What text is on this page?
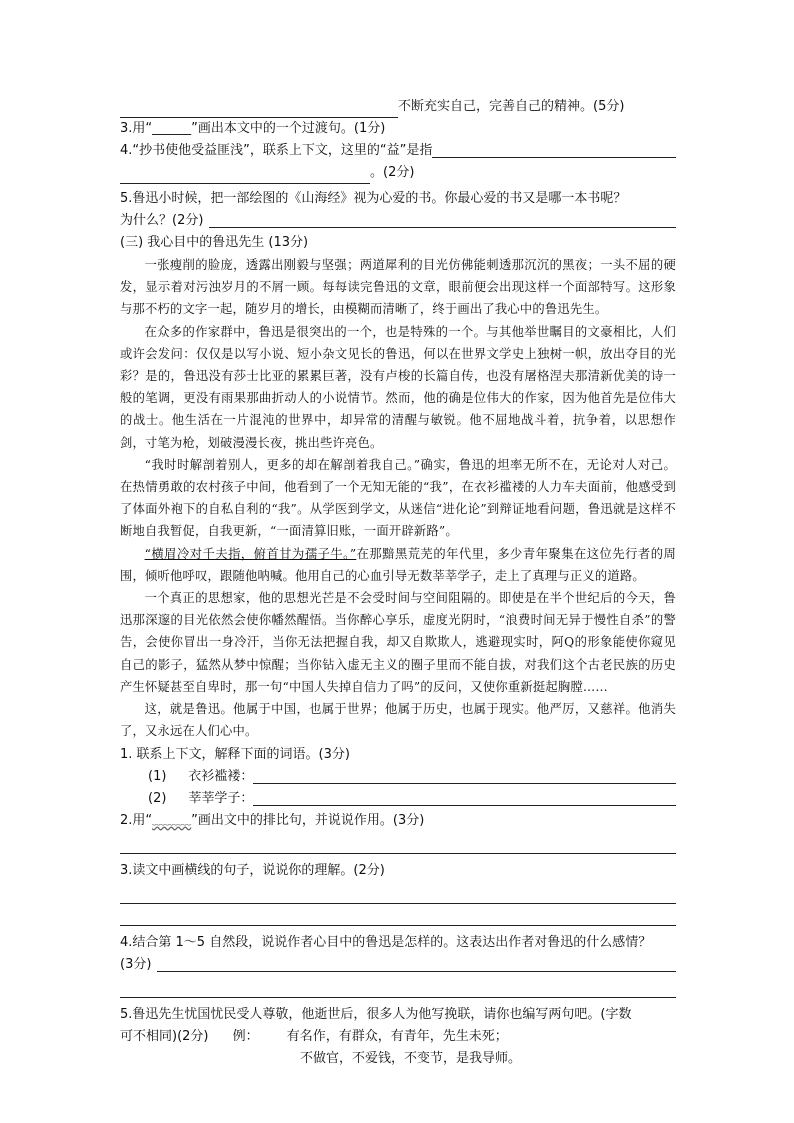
不断充实自己，完善自己的精神。(5分)
3.用“______”画出本文中的一个过渡句。(1分)
4.“抄书使他受益匪浅”，联系上下文，这里的“益”是指
。(2分)
5.鲁迅小时候，把一部绘图的《山海经》视为心爱的书。你最心爱的书又是哪一本书呢？
为什么？(2分)
(三) 我心目中的鲁迅先生 (13分)

一张瘦削的脸庞，透露出刚毅与坚强；两道犀利的目光仿佛能刺透那沉沉的黑夜；一头不屈的硬发，显示着对污浊岁月的不屑一顾。每每读完鲁迅的文章，眼前便会出现这样一个面部特写。这形象与那不朽的文字一起，随岁月的增长，由模糊而清晰了，终于画出了我心中的鲁迅先生。

在众多的作家群中，鲁迅是很突出的一个，也是特殊的一个。与其他举世瞩目的文豪相比，人们或许会发问：仅仅是以写小说、短小杂文见长的鲁迅，何以在世界文学史上独树一帜，放出夺目的光彩？是的，鲁迅没有莎士比亚的累累巨著，没有卢梭的长篇自传，也没有屠格涅夫那清新优美的诗一般的笔调，更没有雨果那曲折动人的小说情节。然而，他的确是位伟大的作家，因为他首先是位伟大的战士。他生活在一片混沌的世界中，却异常的清醒与敏锐。他不屈地战斗着，抗争着，以思想作剑，寸笔为枪，划破漫漫长夜，挑出些许亮色。

“我时时解剖着别人，更多的却在解剖着我自己。”确实，鲁迅的坦率无所不在，无论对人对己。在热情勇敢的农村孩子中间，他看到了一个无知无能的“我”，在衣衫褴褛的人力车夫面前，他感受到了体面外袍下的自私自利的“我”。从学医到学文，从迷信“进化论”到辩证地看问题，鲁迅就是这样不断地自我暂促，自我更新，“一面清算旧账，一面开辟新路”。

“横眉冷对千夫指，俯首甘为孺子牛。”在那黯黑荒芜的年代里，多少青年聚集在这位先行者的周围，倾听他呼叹，跟随他呐喊。他用自己的心血引导无数莘莘学子，走上了真理与正义的道路。

一个真正的思想家，他的思想光芒是不会受时间与空间阻隔的。即使是在半个世纪后的今天，鲁迅那深邃的目光依然会使你幡然醒悟。当你醉心享乐，虚度光阴时，“浪费时间无异于慢性自杀”的警告，会使你冒出一身冷汗，当你无法把握自我，却又自欺欺人，逃避现实时，阿Q的形象能使你窥见自己的影子，猛然从梦中惊醒；当你钻入虚无主义的圈子里而不能自拔，对我们这个古老民族的历史产生怀疑甚至自卑时，那一句“中国人失掉自信力了吗”的反问，又使你重新挺起胸膛……

这，就是鲁迅。他属于中国，也属于世界；他属于历史，也属于现实。他严厉，又慈祥。他消失了，又永远在人们心中。

1. 联系上下文，解释下面的词语。(3分)
(1) 衣衫褴褛：
(2) 莘莘学子：
2.用“﹏﹏﹏”画出文中的排比句，并说说作用。(3分)
3.读文中画横线的句子，说说你的理解。(2分)
4.结合第 1～5 自然段，说说作者心目中的鲁迅是怎样的。这表达出作者对鲁迅的什么感情？
(3分)
5.鲁迅先生忧国忧民受人尊敬，他逝世后，很多人为他写挽联，请你也编写两句吧。(字数
可不相同)(2分) 例： 有名作，有群众，有青年，先生未死；
不做官，不爱钱，不变节，是我导师。
